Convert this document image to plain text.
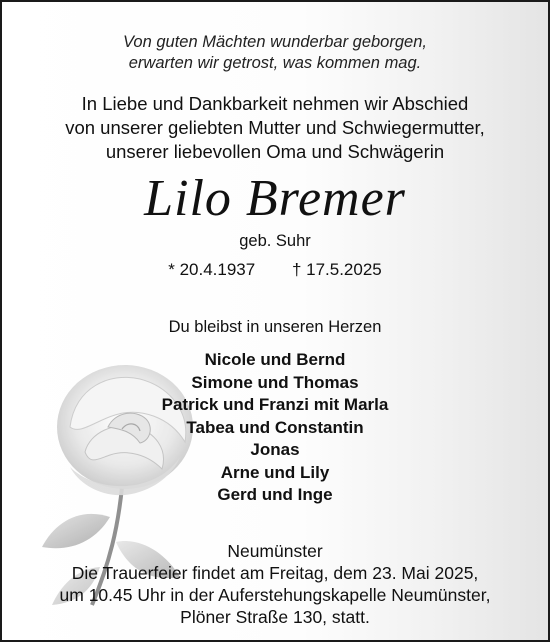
Von guten Mächten wunderbar geborgen,
erwarten wir getrost, was kommen mag.
In Liebe und Dankbarkeit nehmen wir Abschied
von unserer geliebten Mutter und Schwiegermutter,
unserer liebevollen Oma und Schwägerin
Lilo Bremer
geb. Suhr
* 20.4.1937 † 17.5.2025
Du bleibst in unseren Herzen
Nicole und Bernd
Simone und Thomas
Patrick und Franzi mit Marla
Tabea und Constantin
Jonas
Arne und Lily
Gerd und Inge
Neumünster
Die Trauerfeier findet am Freitag, dem 23. Mai 2025,
um 10.45 Uhr in der Auferstehungskapelle Neumünster,
Plöner Straße 130, statt.
